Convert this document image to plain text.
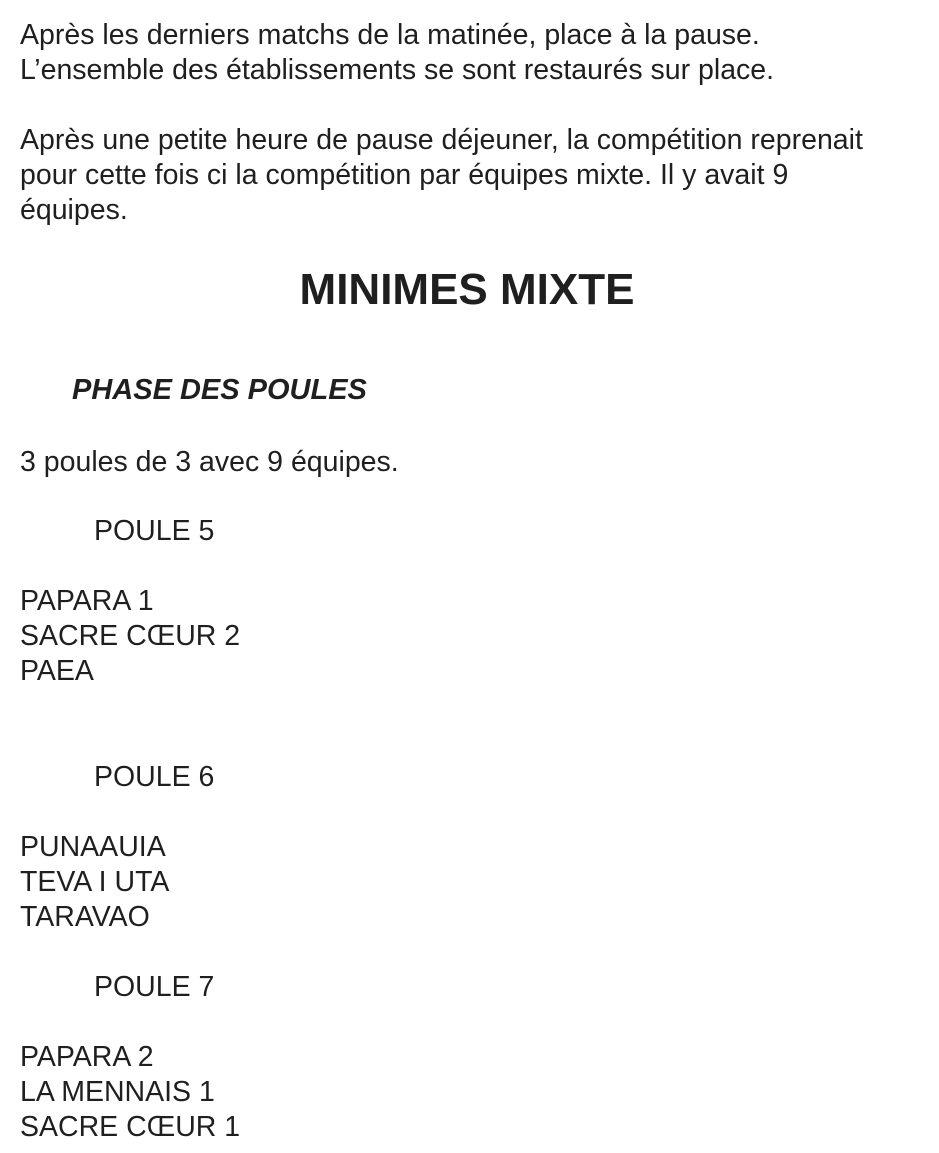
Après les derniers matchs de la matinée, place à la pause.
L’ensemble des établissements se sont restaurés sur place.

Après une petite heure de pause déjeuner, la compétition reprenait
pour cette fois ci la compétition par équipes mixte. Il y avait 9
équipes.

MINIMES MIXTE
PHASE DES POULES

3 poules de 3 avec 9 équipes.

POULE 5

PAPARA 1
SACRE CŒUR 2
PAEA

POULE 6

PUNAAUIA
TEVA I UTA
TARAVAO

POULE 7

PAPARA 2
LA MENNAIS 1
SACRE CŒUR 1
